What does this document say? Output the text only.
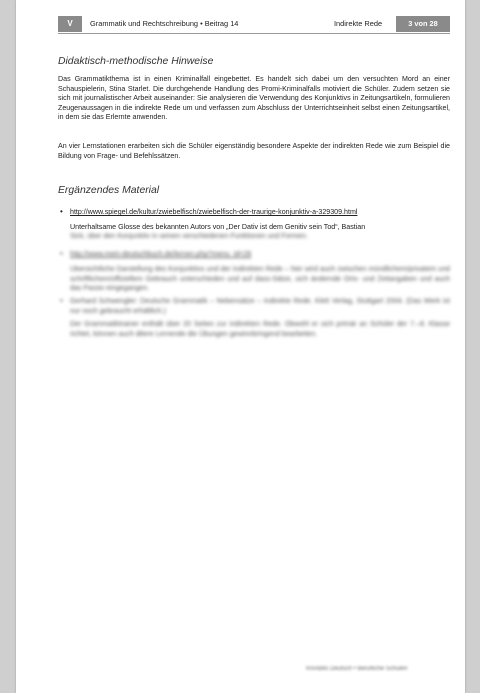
V	Grammatik und Rechtschreibung • Beitrag 14	Indirekte Rede	3 von 28
Didaktisch-methodische Hinweise
Das Grammatikthema ist in einen Kriminalfall eingebettet. Es handelt sich dabei um den versuchten Mord an einer Schauspielerin, Stina Starlet. Die durchgehende Handlung des Promi-Kriminalfalls motiviert die Schüler. Zudem setzen sie sich mit journalistischer Arbeit auseinander: Sie analysieren die Verwendung des Konjunktivs in Zeitungsartikeln, formulieren Zeugenaussagen in die indirekte Rede um und verfassen zum Abschluss der Unterrichtseinheit selbst einen Zeitungsartikel, in dem sie das Erlernte anwenden.
An vier Lernstationen erarbeiten sich die Schüler eigenständig besondere Aspekte der indirekten Rede wie zum Beispiel die Bildung von Frage- und Befehlssätzen.
Ergänzendes Material
• http://www.spiegel.de/kultur/zwiebelfisch/zwiebelfisch-der-traurige-konjunktiv-a-329309.html
Unterhaltsame Glosse des bekannten Autors von „Der Dativ ist dem Genitiv sein Tod“, Bastian
Sick, über den Konjunktiv in seinen verschiedenen Funktionen und Formen.
• http://www.mein-deutschbuch.de/lernen.php?menu_id=28
Übersichtliche Darstellung des Konjunktivs und der indirekten Rede – hier wird auch zwischen mündlichem/privatem und schriftlichem/offiziellem Gebrauch unterschieden und auf dass-Sätze, sich ändernde Orts- und Zeitangaben und auch das Passiv eingegangen.
• Gerhard Schwengler: Deutsche Grammatik – Nebensätze – Indirekte Rede. Klett Verlag, Stuttgart 2004. (Das Werk ist nur noch gebraucht erhältlich.)
Der Grammatiktrainer enthält über 20 Seiten zur indirekten Rede. Obwohl er sich primär an Schüler der 7.–8. Klasse richtet, können auch ältere Lernende die Übungen gewinnbringend bearbeiten.
RAABits Deutsch • Berufliche Schulen
